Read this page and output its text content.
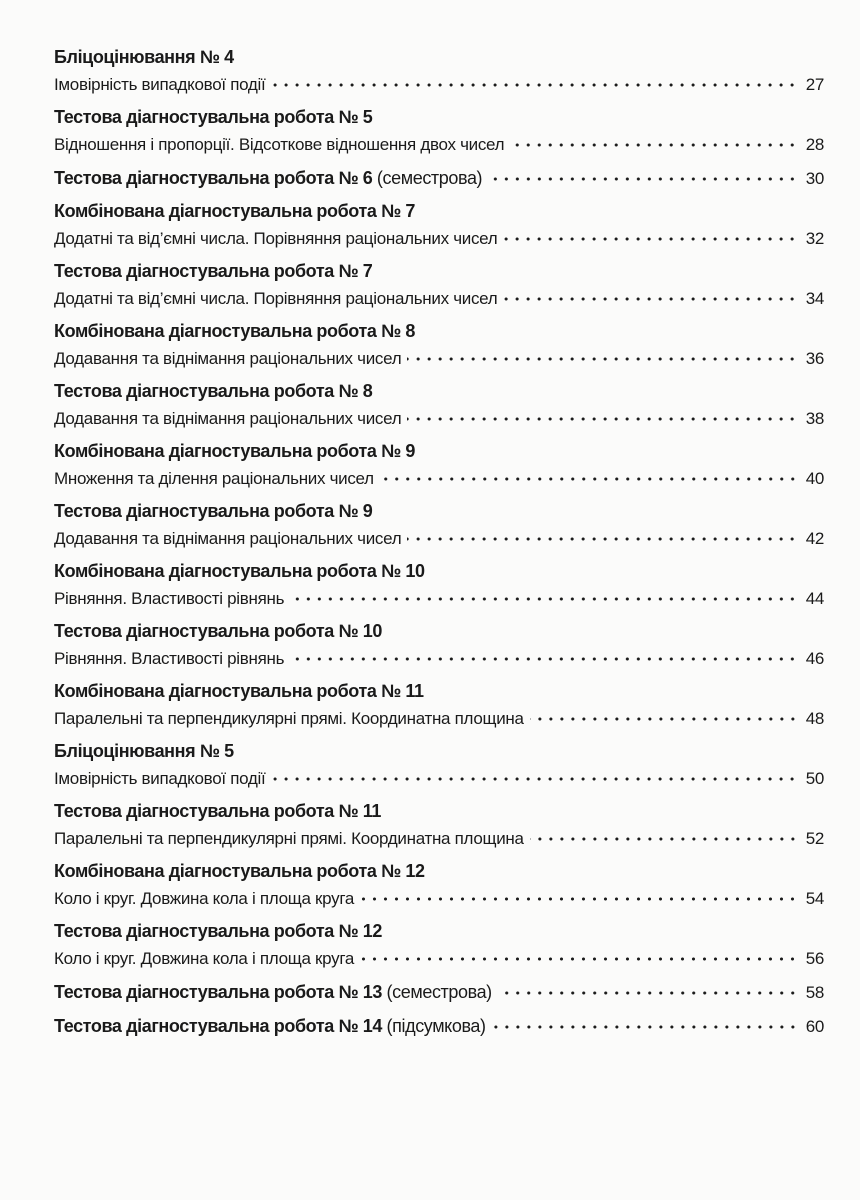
Бліцоцінювання № 4
Імовірність випадкової події	27
Тестова діагностувальна робота № 5
Відношення і пропорції. Відсоткове відношення двох чисел	28
Тестова діагностувальна робота № 6 (семестрова)	30
Комбінована діагностувальна робота № 7
Додатні та від’ємні числа. Порівняння раціональних чисел	32
Тестова діагностувальна робота № 7
Додатні та від’ємні числа. Порівняння раціональних чисел	34
Комбінована діагностувальна робота № 8
Додавання та віднімання раціональних чисел	36
Тестова діагностувальна робота № 8
Додавання та віднімання раціональних чисел	38
Комбінована діагностувальна робота № 9
Множення та ділення раціональних чисел	40
Тестова діагностувальна робота № 9
Додавання та віднімання раціональних чисел	42
Комбінована діагностувальна робота № 10
Рівняння. Властивості рівнянь	44
Тестова діагностувальна робота № 10
Рівняння. Властивості рівнянь	46
Комбінована діагностувальна робота № 11
Паралельні та перпендикулярні прямі. Координатна площина	48
Бліцоцінювання № 5
Імовірність випадкової події	50
Тестова діагностувальна робота № 11
Паралельні та перпендикулярні прямі. Координатна площина	52
Комбінована діагностувальна робота № 12
Коло і круг. Довжина кола і площа круга	54
Тестова діагностувальна робота № 12
Коло і круг. Довжина кола і площа круга	56
Тестова діагностувальна робота № 13 (семестрова)	58
Тестова діагностувальна робота № 14 (підсумкова)	60
